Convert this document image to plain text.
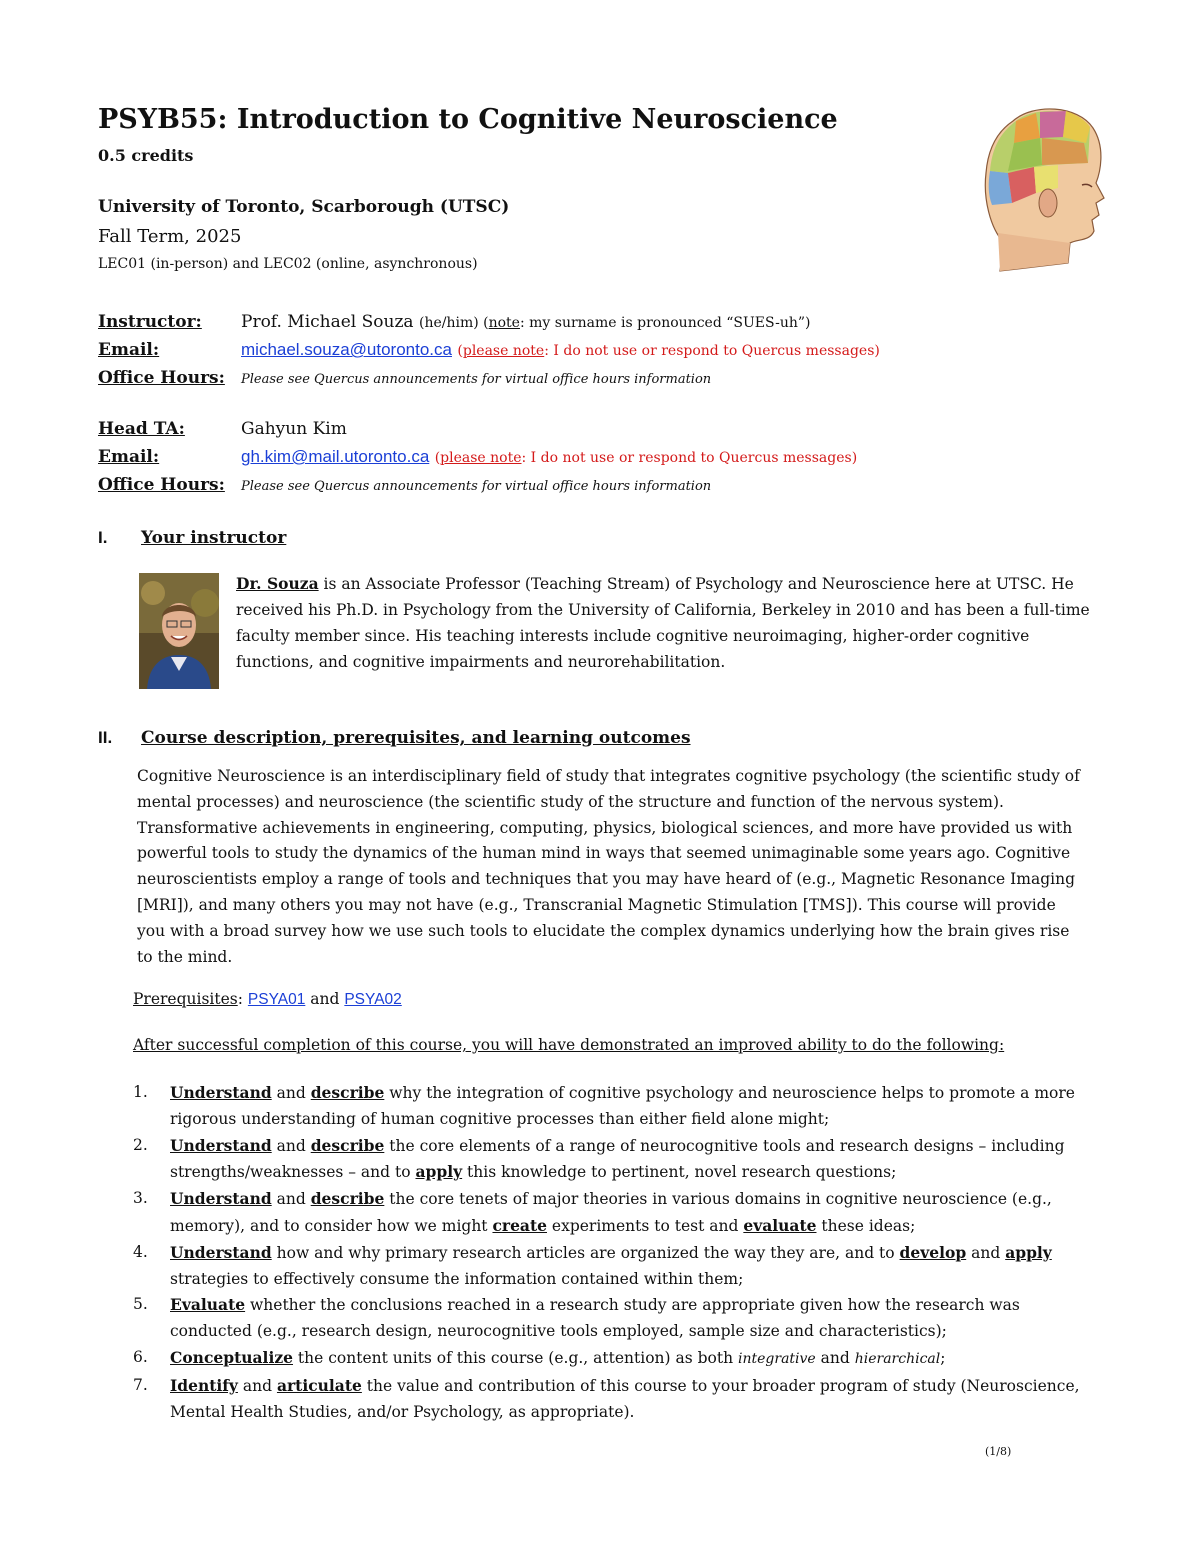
PSYB55: Introduction to Cognitive Neuroscience
0.5 credits
University of Toronto, Scarborough (UTSC)
Fall Term, 2025
LEC01 (in-person) and LEC02 (online, asynchronous)
Instructor: Prof. Michael Souza (he/him) (note: my surname is pronounced “SUES-uh”)
Email:	michael.souza@utoronto.ca (please note: I do not use or respond to Quercus messages)
Office Hours: Please see Quercus announcements for virtual office hours information
Head TA:	Gahyun Kim
Email:	gh.kim@mail.utoronto.ca (please note: I do not use or respond to Quercus messages)
Office Hours: Please see Quercus announcements for virtual office hours information
I. Your instructor
Dr. Souza is an Associate Professor (Teaching Stream) of Psychology and Neuroscience here at UTSC. He received his Ph.D. in Psychology from the University of California, Berkeley in 2010 and has been a full-time faculty member since. His teaching interests include cognitive neuroimaging, higher-order cognitive functions, and cognitive impairments and neurorehabilitation.
II. Course description, prerequisites, and learning outcomes
Cognitive Neuroscience is an interdisciplinary field of study that integrates cognitive psychology (the scientific study of mental processes) and neuroscience (the scientific study of the structure and function of the nervous system). Transformative achievements in engineering, computing, physics, biological sciences, and more have provided us with powerful tools to study the dynamics of the human mind in ways that seemed unimaginable some years ago. Cognitive neuroscientists employ a range of tools and techniques that you may have heard of (e.g., Magnetic Resonance Imaging [MRI]), and many others you may not have (e.g., Transcranial Magnetic Stimulation [TMS]). This course will provide you with a broad survey how we use such tools to elucidate the complex dynamics underlying how the brain gives rise to the mind.
Prerequisites: PSYA01 and PSYA02
After successful completion of this course, you will have demonstrated an improved ability to do the following:
1. Understand and describe why the integration of cognitive psychology and neuroscience helps to promote a more rigorous understanding of human cognitive processes than either field alone might;
2. Understand and describe the core elements of a range of neurocognitive tools and research designs – including strengths/weaknesses – and to apply this knowledge to pertinent, novel research questions;
3. Understand and describe the core tenets of major theories in various domains in cognitive neuroscience (e.g., memory), and to consider how we might create experiments to test and evaluate these ideas;
4. Understand how and why primary research articles are organized the way they are, and to develop and apply strategies to effectively consume the information contained within them;
5. Evaluate whether the conclusions reached in a research study are appropriate given how the research was conducted (e.g., research design, neurocognitive tools employed, sample size and characteristics);
6. Conceptualize the content units of this course (e.g., attention) as both integrative and hierarchical;
7. Identify and articulate the value and contribution of this course to your broader program of study (Neuroscience, Mental Health Studies, and/or Psychology, as appropriate).
(1/8)
